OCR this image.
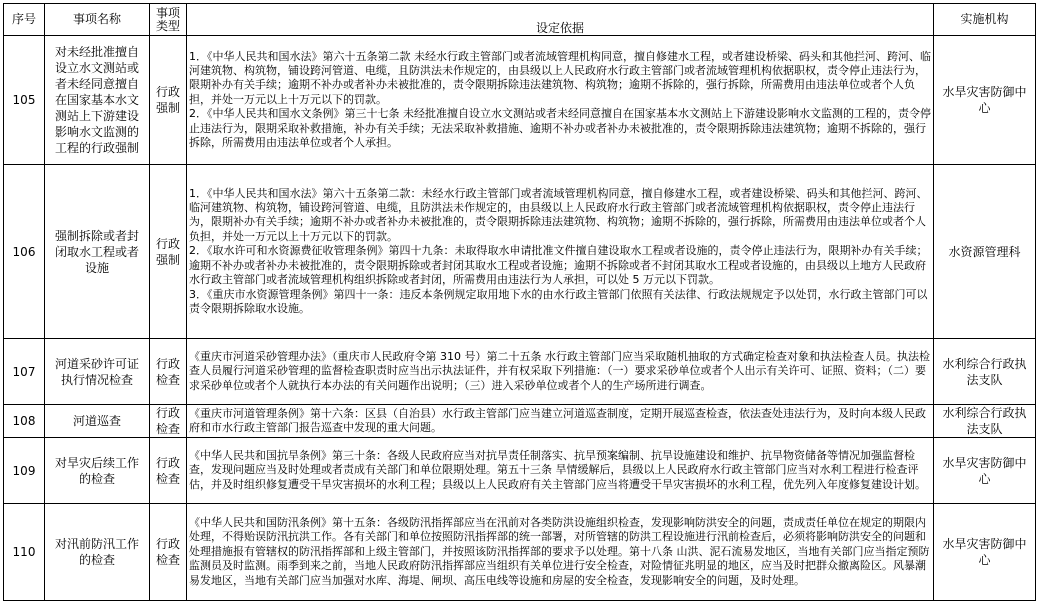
序号	事项名称	事项类型	设定依据	实施机构
105	对未经批准擅自设立水文测站或者未经同意擅自在国家基本水文测站上下游建设影响水文监测的工程的行政强制	行政强制	1．《中华人民共和国水法》第六十五条第二款 未经水行政主管部门或者流域管理机构同意，擅自修建水工程，或者建设桥梁、码头和其他拦河、跨河、临河建筑物、构筑物，铺设跨河管道、电缆，且防洪法未作规定的，由县级以上人民政府水行政主管部门或者流域管理机构依据职权，责令停止违法行为，限期补办有关手续；逾期不补办或者补办未被批准的，责令限期拆除违法建筑物、构筑物；逾期不拆除的，强行拆除，所需费用由违法单位或者个人负担，并处一万元以上十万元以下的罚款。

2．《中华人民共和国水文条例》第三十七条 未经批准擅自设立水文测站或者未经同意擅自在国家基本水文测站上下游建设影响水文监测的工程的，责令停止违法行为，限期采取补救措施，补办有关手续；无法采取补救措施、逾期不补办或者补办未被批准的，责令限期拆除违法建筑物；逾期不拆除的，强行拆除，所需费用由违法单位或者个人承担。	水旱灾害防御中心
106	强制拆除或者封闭取水工程或者设施	行政强制	1．《中华人民共和国水法》第六十五条第二款：未经水行政主管部门或者流域管理机构同意，擅自修建水工程，或者建设桥梁、码头和其他拦河、跨河、临河建筑物、构筑物，铺设跨河管道、电缆，且防洪法未作规定的，由县级以上人民政府水行政主管部门或者流域管理机构依据职权，责令停止违法行为，限期补办有关手续；逾期不补办或者补办未被批准的，责令限期拆除违法建筑物、构筑物；逾期不拆除的，强行拆除，所需费用由违法单位或者个人负担，并处一万元以上十万元以下的罚款。

2．《取水许可和水资源费征收管理条例》第四十九条：未取得取水申请批准文件擅自建设取水工程或者设施的，责令停止违法行为，限期补办有关手续；逾期不补办或者补办未被批准的，责令限期拆除或者封闭其取水工程或者设施；逾期不拆除或者不封闭其取水工程或者设施的，由县级以上地方人民政府水行政主管部门或者流域管理机构组织拆除或者封闭，所需费用由违法行为人承担，可以处 5 万元以下罚款。

3．《重庆市水资源管理条例》第四十一条：违反本条例规定取用地下水的由水行政主管部门依照有关法律、行政法规规定予以处罚，水行政主管部门可以责令限期拆除取水设施。	水资源管理科
107	河道采砂许可证执行情况检查	行政检查	《重庆市河道采砂管理办法》（重庆市人民政府令第 310 号）第二十五条 水行政主管部门应当采取随机抽取的方式确定检查对象和执法检查人员。执法检查人员履行河道采砂管理的监督检查职责时应当出示执法证件，并有权采取下列措施：（一）要求采砂单位或者个人出示有关许可、证照、资料；（二）要求采砂单位或者个人就执行本办法的有关问题作出说明；（三）进入采砂单位或者个人的生产场所进行调查。	水利综合行政执法支队
108	河道巡查	行政检查	《重庆市河道管理条例》第十六条：区县（自治县）水行政主管部门应当建立河道巡查制度，定期开展巡查检查，依法查处违法行为，及时向本级人民政府和市水行政主管部门报告巡查中发现的重大问题。	水利综合行政执法支队
109	对旱灾后续工作的检查	行政检查	《中华人民共和国抗旱条例》第三十条：各级人民政府应当对抗旱责任制落实、抗旱预案编制、抗旱设施建设和维护、抗旱物资储备等情况加强监督检查，发现问题应当及时处理或者责成有关部门和单位限期处理。第五十三条 旱情缓解后，县级以上人民政府水行政主管部门应当对水利工程进行检查评估，并及时组织修复遭受干旱灾害损坏的水利工程；县级以上人民政府有关主管部门应当将遭受干旱灾害损坏的水利工程，优先列入年度修复建设计划。	水旱灾害防御中心
110	对汛前防汛工作的检查	行政检查	《中华人民共和国防汛条例》第十五条：各级防汛指挥部应当在汛前对各类防洪设施组织检查，发现影响防洪安全的问题，责成责任单位在规定的期限内处理，不得贻误防汛抗洪工作。各有关部门和单位按照防汛指挥部的统一部署，对所管辖的防洪工程设施进行汛前检查后，必须将影响防洪安全的问题和处理措施报有管辖权的防汛指挥部和上级主管部门，并按照该防汛指挥部的要求予以处理。第十八条 山洪、泥石流易发地区，当地有关部门应当指定预防监测员及时监测。雨季到来之前，当地人民政府防汛指挥部应当组织有关单位进行安全检查，对险情征兆明显的地区，应当及时把群众撤离险区。风暴潮易发地区，当地有关部门应当加强对水库、海堤、闸坝、高压电线等设施和房屋的安全检查，发现影响安全的问题，及时处理。	水旱灾害防御中心
